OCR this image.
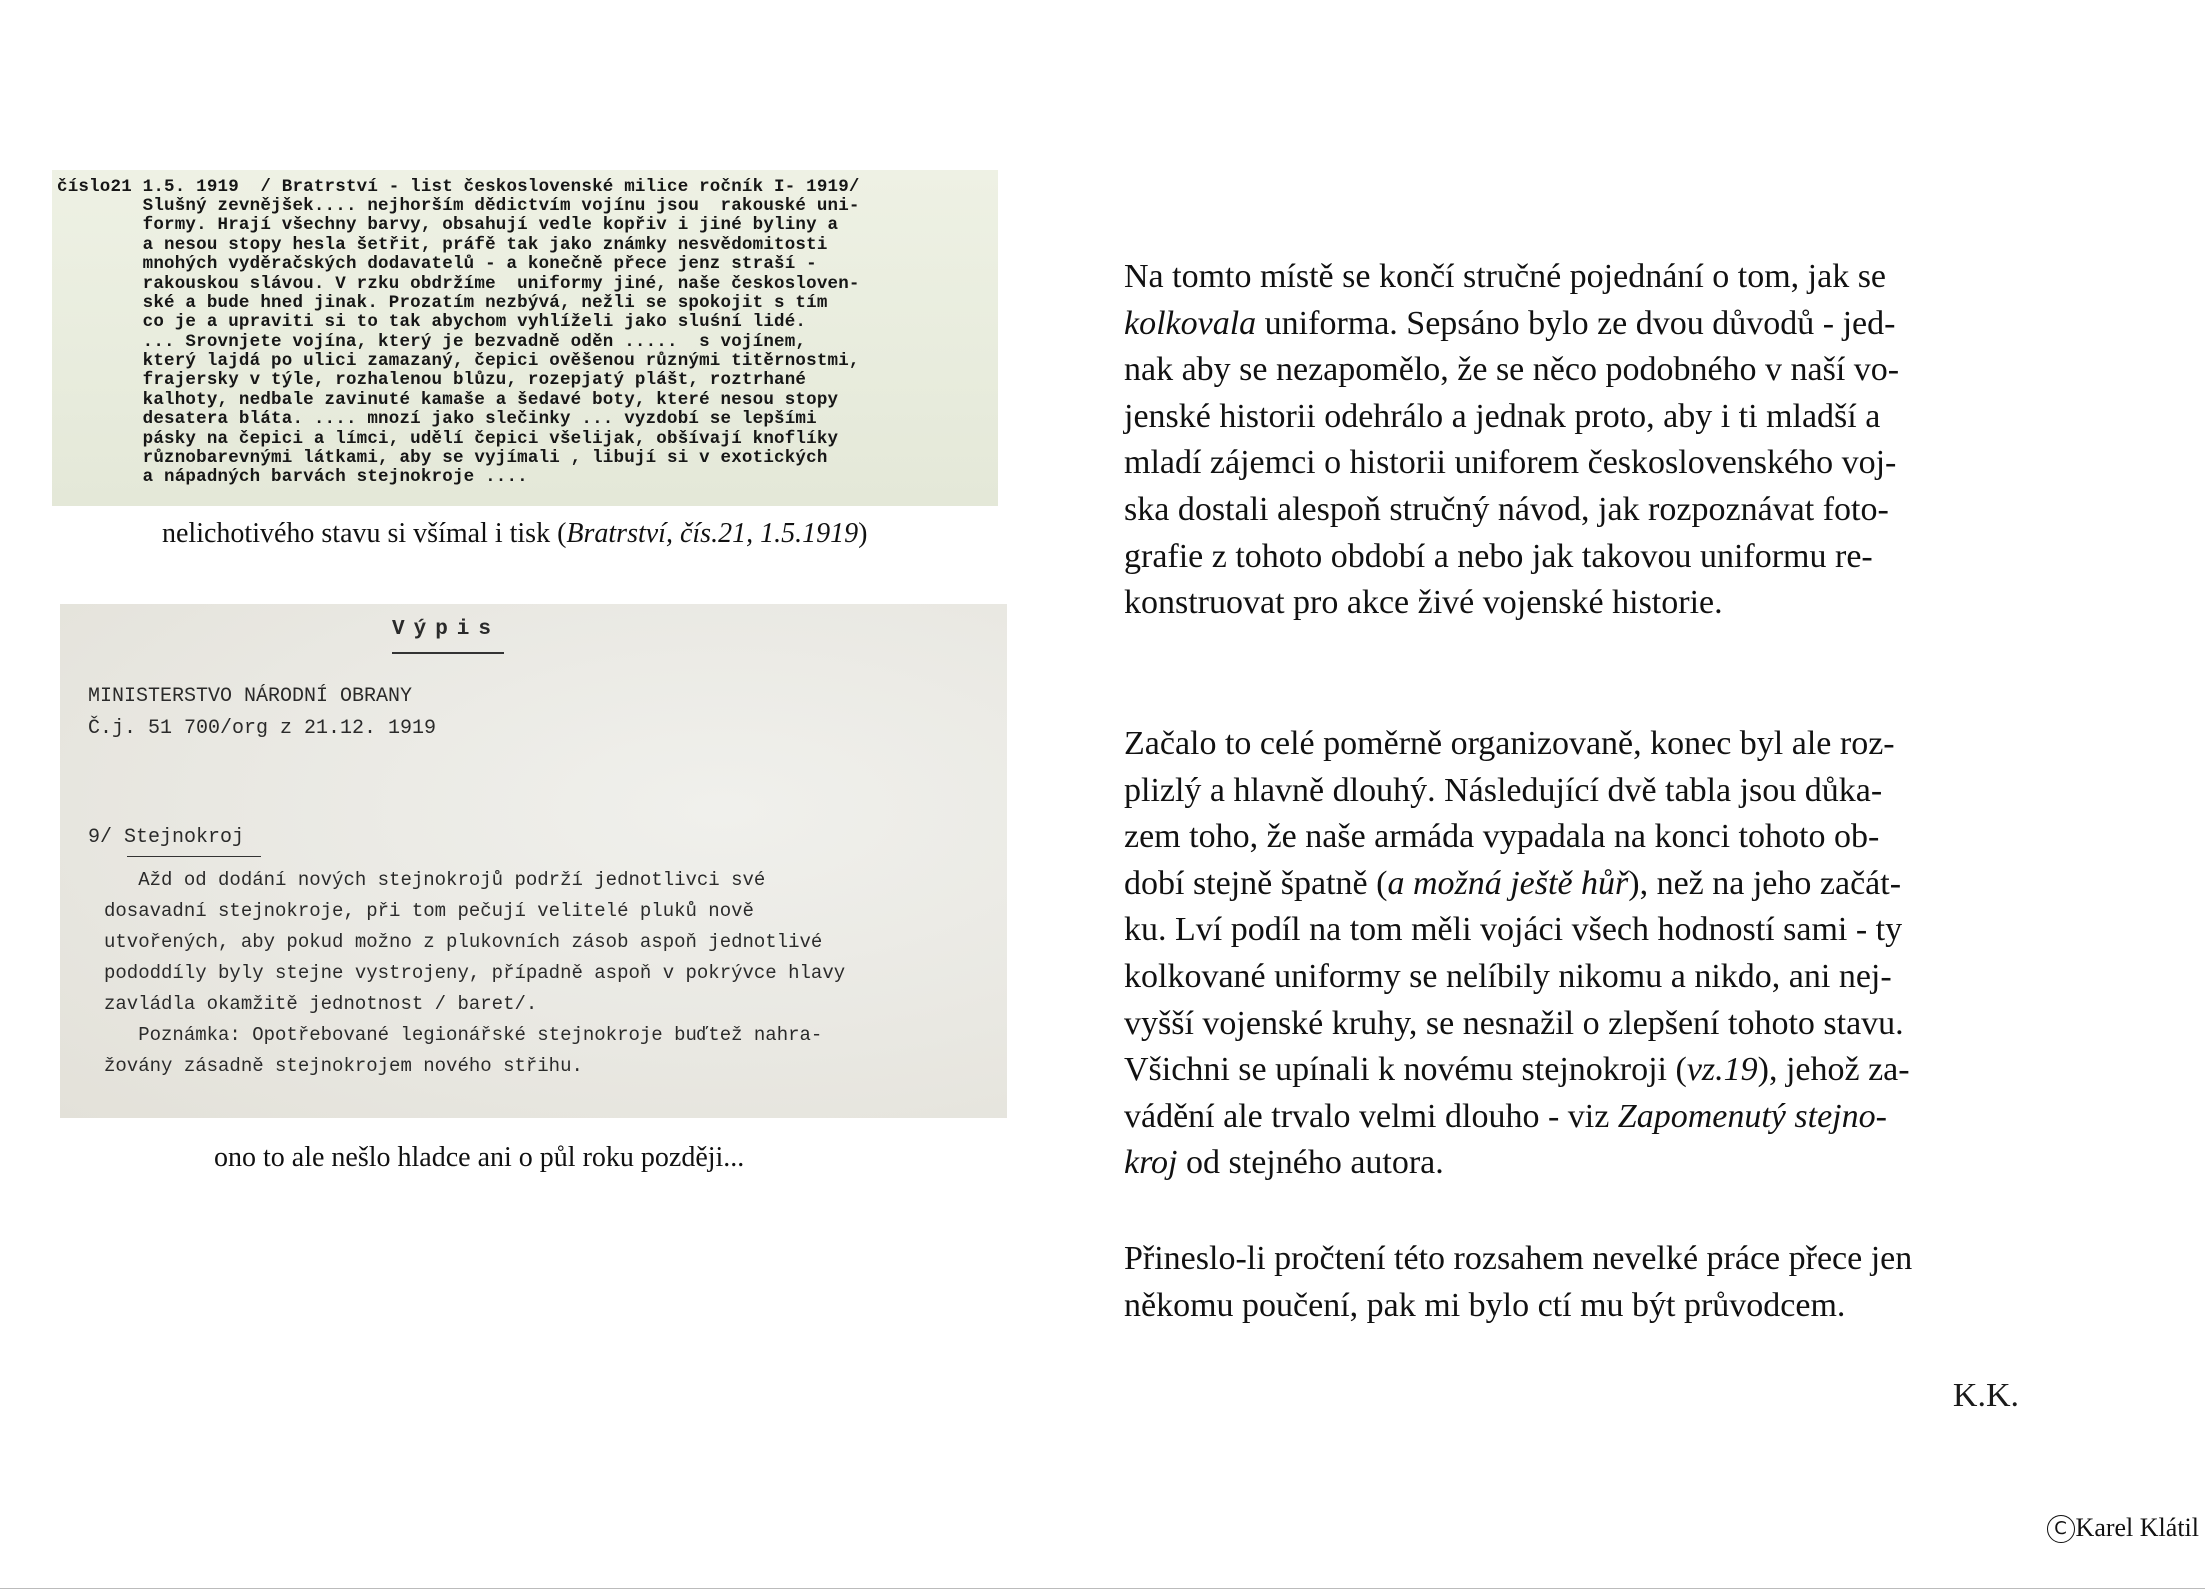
číslo21 1.5. 1919  / Bratrství - list československé milice ročník I- 1919/
Slušný zevnějšek.... nejhorším dědictvím vojínu jsou  rakouské uni-
formy. Hrají všechny barvy, obsahují vedle kopřiv i jiné byliny a
a nesou stopy hesla šetřit, práfě tak jako známky nesvědomitosti
mnohých vyděračských dodavatelů - a konečně přece jenz straší -
rakouskou slávou. V rzku obdržíme  uniformy jiné, naše českosloven-
ské a bude hned jinak. Prozatím nezbývá, nežli se spokojit s tím
co je a upraviti si to tak abychom vyhlíželi jako sluśní lidé.
... Srovnjete vojína, který je bezvadně oděn .....  s vojínem,
který lajdá po ulici zamazaný, čepici ověšenou různými titěrnostmi,
frajersky v týle, rozhalenou blůzu, rozepjatý plášt, roztrhané
kalhoty, nedbale zavinuté kamaše a šedavé boty, které nesou stopy
desatera bláta. .... mnozí jako slečinky ... vyzdobí se lepšími
pásky na čepici a límci, udělí čepici všelijak, obšívají knoflíky
různobarevnými látkami, aby se vyjímali , libují si v exotických
a nápadných barvách stejnokroje ....
nelichotivého stavu si všímal i tisk (Bratrství, čís.21, 1.5.1919)
Výpis
MINISTERSTVO NÁRODNÍ OBRANY
Č.j. 51 700/org z 21.12. 1919
9/ Stejnokroj
Ažd od dodání nových stejnokrojů podrží jednotlivci své
dosavadní stejnokroje, při tom pečují velitelé pluků nově
utvořených, aby pokud možno z plukovních zásob aspoň jednotlivé
pododdíly byly stejne vystrojeny, případně aspoň v pokrývce hlavy
zavládla okamžitě jednotnost / baret/.
Poznámka: Opotřebované legionářské stejnokroje buďtež nahra-
žovány zásadně stejnokrojem nového střihu.
ono to ale nešlo hladce ani o půl roku později...
Na tomto místě se končí stručné pojednání o tom, jak se
kolkovala uniforma. Sepsáno bylo ze dvou důvodů - jed-
nak aby se nezapomělo, že se něco podobného v naší vo-
jenské historii odehrálo a jednak proto, aby i ti mladší a
mladí zájemci o historii uniforem československého voj-
ska dostali alespoň stručný návod, jak rozpoznávat foto-
grafie z tohoto období a nebo jak takovou uniformu re-
konstruovat pro akce živé vojenské historie.
Začalo to celé poměrně organizovaně, konec byl ale roz-
plizlý a hlavně dlouhý. Následující dvě tabla jsou důka-
zem toho, že naše armáda vypadala na konci tohoto ob-
dobí stejně špatně (a možná ještě hůř), než na jeho začát-
ku. Lví podíl na tom měli vojáci všech hodností sami - ty
kolkované uniformy se nelíbily nikomu a nikdo, ani nej-
vyšší vojenské kruhy, se nesnažil o zlepšení tohoto stavu.
Všichni se upínali k novému stejnokroji (vz.19), jehož za-
vádění ale trvalo velmi dlouho - viz Zapomenutý stejno-
kroj od stejného autora.
Přineslo-li pročtení této rozsahem nevelké práce přece jen
někomu poučení, pak mi bylo ctí mu být průvodcem.
K.K.
C Karel Klátil
